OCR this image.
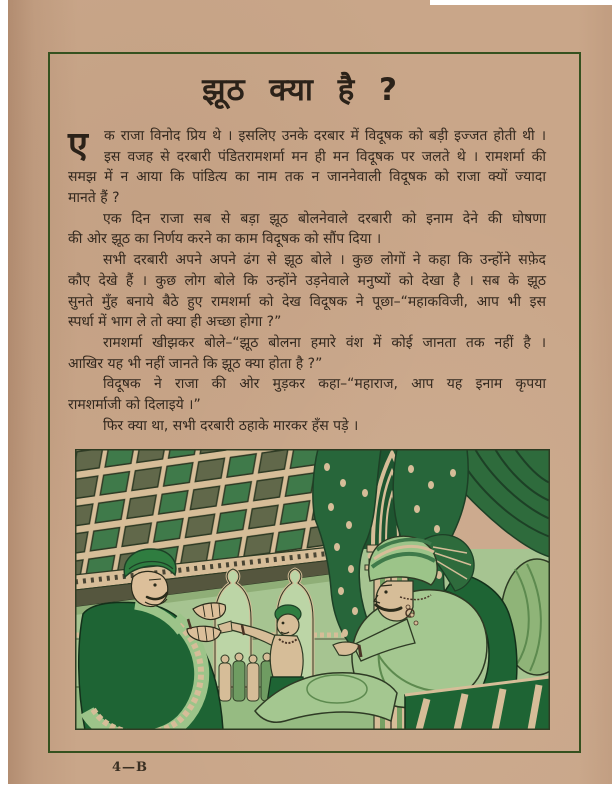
झूठ क्या है ?

ए	क राजा विनोद प्रिय थे । इसलिए उनके दरबार में विदूषक को बड़ी इज्जत होती थी ।
इस वजह से दरबारी पंडितरामशर्मा मन ही मन विदूषक पर जलते थे । रामशर्मा की
समझ में न आया कि पांडित्य का नाम तक न जाननेवाली विदूषक को राजा क्यों ज्यादा
मानते हैं ?

एक दिन राजा सब से बड़ा झूठ बोलनेवाले दरबारी को इनाम देने की घोषणा
की ओर झूठ का निर्णय करने का काम विदूषक को सौंप दिया ।

सभी दरबारी अपने अपने ढंग से झूठ बोले । कुछ लोगों ने कहा कि उन्होंने सफ़ेद
कौए देखे हैं । कुछ लोग बोले कि उन्होंने उड़नेवाले मनुष्यों को देखा है । सब के झूठ
सुनते मुँह बनाये बैठे हुए रामशर्मा को देख विदूषक ने पूछा–“महाकविजी, आप भी इस
स्पर्धा में भाग ले तो क्या ही अच्छा होगा ?”

रामशर्मा खीझकर बोले–“झूठ बोलना हमारे वंश में कोई जानता तक नहीं है ।
आखिर यह भी नहीं जानते कि झूठ क्या होता है ?”

विदूषक ने राजा की ओर मुड़कर कहा–“महाराज, आप यह इनाम कृपया
रामशर्माजी को दिलाइये ।”

फिर क्या था, सभी दरबारी ठहाके मारकर हँस पड़े ।

4—B
